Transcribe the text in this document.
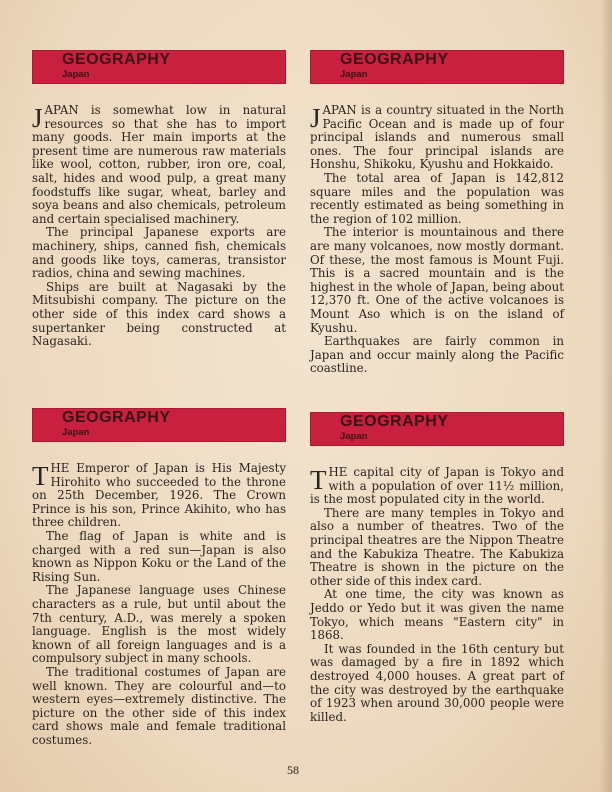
GEOGRAPHY
Japan

JAPAN is somewhat low in natural resources so that she has to import many goods. Her main imports at the present time are numerous raw materials like wool, cotton, rubber, iron ore, coal, salt, hides and wood pulp, a great many foodstuffs like sugar, wheat, barley and soya beans and also chemicals, petroleum and certain specialised machinery.

The principal Japanese exports are machinery, ships, canned fish, chemicals and goods like toys, cameras, transistor radios, china and sewing machines.

Ships are built at Nagasaki by the Mitsubishi company. The picture on the other side of this index card shows a supertanker being constructed at Nagasaki.

GEOGRAPHY
Japan

JAPAN is a country situated in the North Pacific Ocean and is made up of four principal islands and numerous small ones. The four principal islands are Honshu, Shikoku, Kyushu and Hokkaido.

The total area of Japan is 142,812 square miles and the population was recently estimated as being something in the region of 102 million.

The interior is mountainous and there are many volcanoes, now mostly dormant. Of these, the most famous is Mount Fuji. This is a sacred mountain and is the highest in the whole of Japan, being about 12,370 ft. One of the active volcanoes is Mount Aso which is on the island of Kyushu.

Earthquakes are fairly common in Japan and occur mainly along the Pacific coastline.

GEOGRAPHY
Japan

THE Emperor of Japan is His Majesty Hirohito who succeeded to the throne on 25th December, 1926. The Crown Prince is his son, Prince Akihito, who has three children.

The flag of Japan is white and is charged with a red sun—Japan is also known as Nippon Koku or the Land of the Rising Sun.

The Japanese language uses Chinese characters as a rule, but until about the 7th century, A.D., was merely a spoken language. English is the most widely known of all foreign languages and is a compulsory subject in many schools.

The traditional costumes of Japan are well known. They are colourful and—to western eyes—extremely distinctive. The picture on the other side of this index card shows male and female traditional costumes.

GEOGRAPHY
Japan

THE capital city of Japan is Tokyo and with a population of over 11½ million, is the most populated city in the world.

There are many temples in Tokyo and also a number of theatres. Two of the principal theatres are the Nippon Theatre and the Kabukiza Theatre. The Kabukiza Theatre is shown in the picture on the other side of this index card.

At one time, the city was known as Jeddo or Yedo but it was given the name Tokyo, which means "Eastern city" in 1868.

It was founded in the 16th century but was damaged by a fire in 1892 which destroyed 4,000 houses. A great part of the city was destroyed by the earthquake of 1923 when around 30,000 people were killed.

58
